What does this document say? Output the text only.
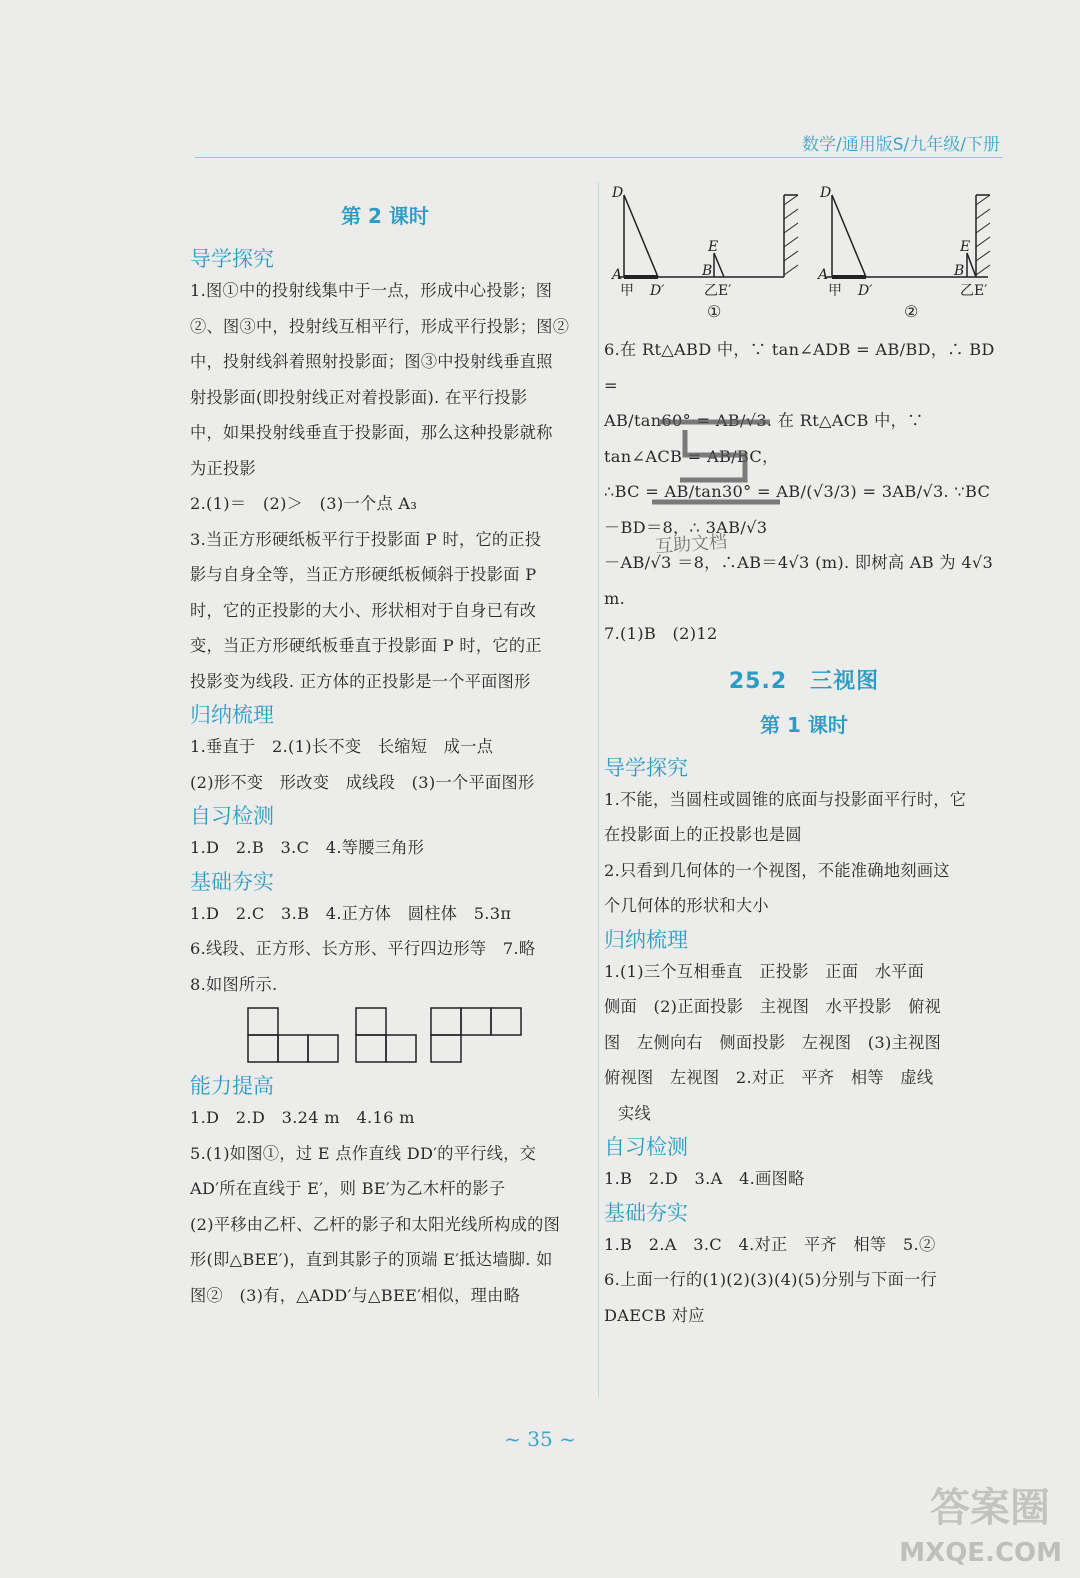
数学/通用版S/九年级/下册
第 2 课时
导学探究

1.图①中的投射线集中于一点，形成中心投影；图

②、图③中，投射线互相平行，形成平行投影；图②

中，投射线斜着照射投影面；图③中投射线垂直照

射投影面(即投射线正对着投影面). 在平行投影

中，如果投射线垂直于投影面，那么这种投影就称

为正投影

2.(1)＝　(2)＞　(3)一个点 A₃

3.当正方形硬纸板平行于投影面 P 时，它的正投

影与自身全等，当正方形硬纸板倾斜于投影面 P

时，它的正投影的大小、形状相对于自身已有改

变，当正方形硬纸板垂直于投影面 P 时，它的正

投影变为线段. 正方体的正投影是一个平面图形

归纳梳理

1.垂直于　2.(1)长不变　长缩短　成一点

(2)形不变　形改变　成线段　(3)一个平面图形

自习检测

1.D　2.B　3.C　4.等腰三角形

基础夯实

1.D　2.C　3.B　4.正方体　圆柱体　5.3π

6.线段、正方形、长方形、平行四边形等　7.略

8.如图所示.

能力提高

1.D　2.D　3.24 m　4.16 m

5.(1)如图①，过 E 点作直线 DD′的平行线，交

AD′所在直线于 E′，则 BE′为乙木杆的影子

(2)平移由乙杆、乙杆的影子和太阳光线所构成的图

形(即△BEE′)，直到其影子的顶端 E′抵达墙脚. 如

图②　(3)有，△ADD′与△BEE′相似，理由略

D
A
甲 D′
E
B
乙E′
①
D
A
甲 D′
E
B
乙E′
②

6.在 Rt△ABD 中，∵ tan∠ADB = AB/BD，∴ BD =

AB/tan60° = AB/√3. 在 Rt△ACB 中，∵ tan∠ACB = AB/BC，

∴BC = AB/tan30° = AB/(√3/3) = 3AB/√3. ∵BC－BD＝8，∴ 3AB/√3

－AB/√3 ＝8，∴AB＝4√3 (m). 即树高 AB 为 4√3 m.

7.(1)B　(2)12

25.2　三视图
第 1 课时
导学探究

1.不能，当圆柱或圆锥的底面与投影面平行时，它

在投影面上的正投影也是圆

2.只看到几何体的一个视图，不能准确地刻画这

个几何体的形状和大小

归纳梳理

1.(1)三个互相垂直　正投影　正面　水平面

侧面　(2)正面投影　主视图　水平投影　俯视

图　左侧向右　侧面投影　左视图　(3)主视图

俯视图　左视图　2.对正　平齐　相等　虚线

实线

自习检测

1.B　2.D　3.A　4.画图略

基础夯实

1.B　2.A　3.C　4.对正　平齐　相等　5.②

6.上面一行的(1)(2)(3)(4)(5)分别与下面一行

DAECB 对应

互助文档
~ 35 ~
答案圈
MXQE.COM
